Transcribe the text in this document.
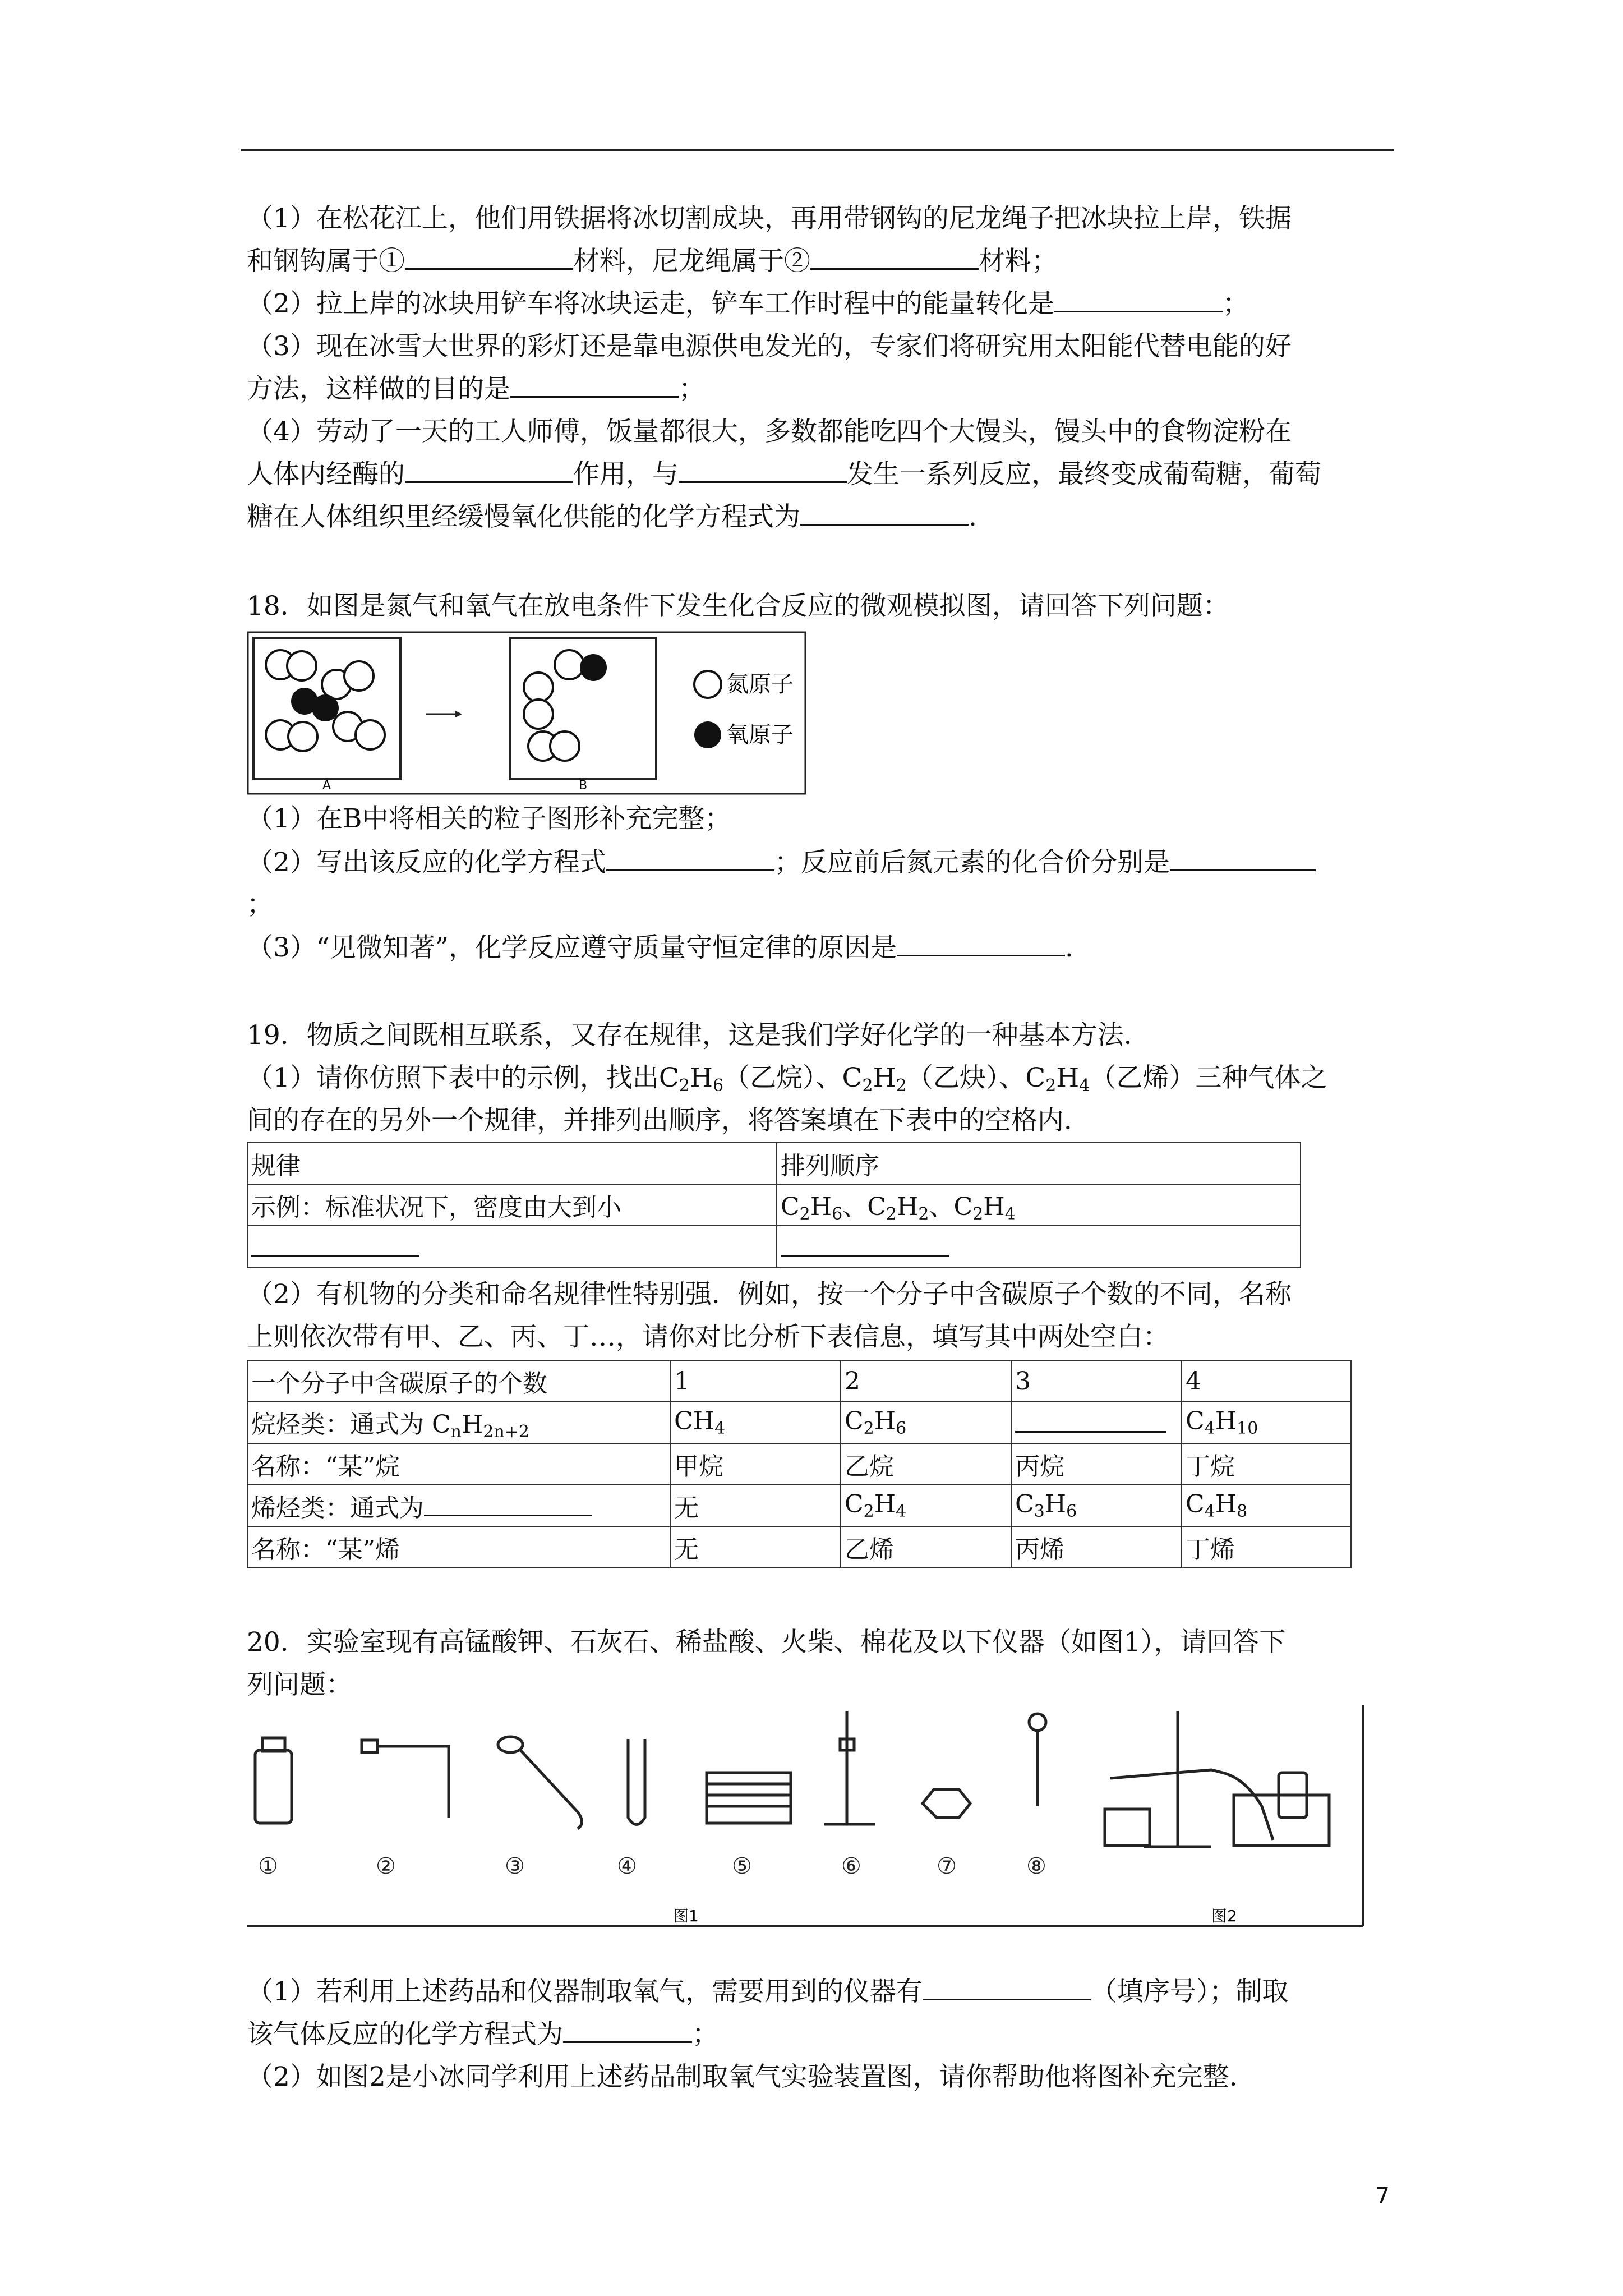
（1）在松花江上，他们用铁据将冰切割成块，再用带钢钩的尼龙绳子把冰块拉上岸，铁据
和钢钩属于①	材料，尼龙绳属于②	材料；
（2）拉上岸的冰块用铲车将冰块运走，铲车工作时程中的能量转化是	；
（3）现在冰雪大世界的彩灯还是靠电源供电发光的，专家们将研究用太阳能代替电能的好
方法，这样做的目的是	；
（4）劳动了一天的工人师傅，饭量都很大，多数都能吃四个大馒头，馒头中的食物淀粉在
人体内经酶的	作用，与	发生一系列反应，最终变成葡萄糖，葡萄
糖在人体组织里经缓慢氧化供能的化学方程式为	.
18．如图是氮气和氧气在放电条件下发生化合反应的微观模拟图，请回答下列问题：
A	B
氮原子
氧原子
（1）在B中将相关的粒子图形补充完整；
（2）写出该反应的化学方程式	；反应前后氮元素的化合价分别是
；
（3）“见微知著”，化学反应遵守质量守恒定律的原因是	.
19．物质之间既相互联系，又存在规律，这是我们学好化学的一种基本方法．
（1）请你仿照下表中的示例，找出$C_2H_6$（乙烷）、$C_2H_2$（乙炔）、$C_2H_4$（乙烯）三种气体之
间的存在的另外一个规律，并排列出顺序，将答案填在下表中的空格内．
规律	排列顺序
示例：标准状况下，密度由大到小	$C_2H_6$、$C_2H_2$、$C_2H_4$

（2）有机物的分类和命名规律性特别强．例如，按一个分子中含碳原子个数的不同，名称
上则依次带有甲、乙、丙、丁…，请你对比分析下表信息，填写其中两处空白：
一个分子中含碳原子的个数	1	2	3	4
烷烃类：通式为 $C_nH_{2n+2}$	$CH_4$	$C_2H_6$		$C_4H_{10}$
名称：“某”烷	甲烷	乙烷	丙烷	丁烷
烯烃类：通式为	无	$C_2H_4$	$C_3H_6$	$C_4H_8$
名称：“某”烯	无	乙烯	丙烯	丁烯
20．实验室现有高锰酸钾、石灰石、稀盐酸、火柴、棉花及以下仪器（如图1），请回答下
列问题：
①	②	③	④	⑤	⑥	⑦	⑧
图1	图2
（1）若利用上述药品和仪器制取氧气，需要用到的仪器有	（填序号）；制取
该气体反应的化学方程式为	；
（2）如图2是小冰同学利用上述药品制取氧气实验装置图，请你帮助他将图补充完整．
7
